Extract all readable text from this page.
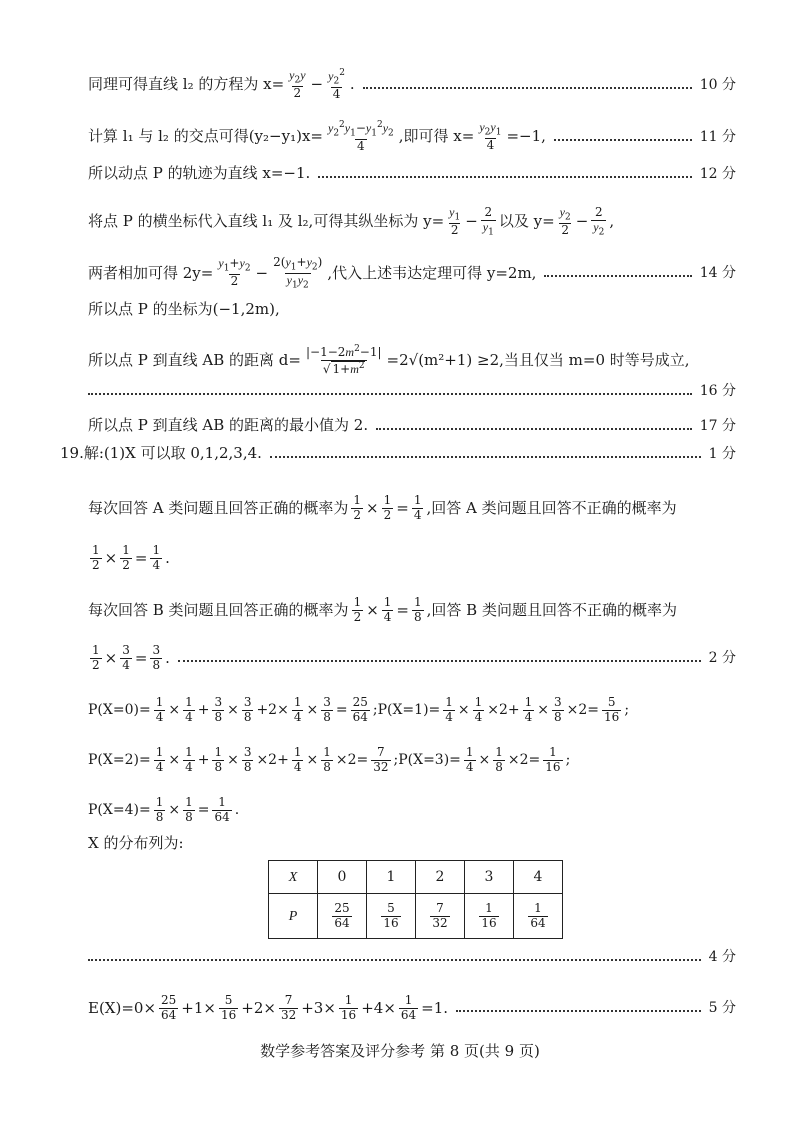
同理可得直线 l₂ 的方程为 $x= \frac{y_2y}{2} - \frac{y_2^2}{4}$ .	10 分
计算 l₁ 与 l₂ 的交点可得$(y_2-y_1)x= \frac{y_2^2y_1-y_1^2y_2}{4}$ ,即可得 $x= \frac{y_2y_1}{4} =-1$,	11 分
所以动点 P 的轨迹为直线 x=−1.	12 分
将点 P 的横坐标代入直线 l₁ 及 l₂,可得其纵坐标为 $y= \frac{y_1}{2} - \frac{2}{y_1}$ 以及 $y= \frac{y_2}{2} - \frac{2}{y_2}$ ,
两者相加可得 $2y= \frac{y_1+y_2}{2} - \frac{2(y_1+y_2)}{y_1y_2}$ ,代入上述韦达定理可得 y=2m,	14 分
所以点 P 的坐标为(−1,2m),
所以点 P 到直线 AB 的距离 $d= \frac{|-1-2m^2-1|}{√ 1+m^2} =2√(m^2+1) \ge 2$,当且仅当 m=0 时等号成立,
16 分
所以点 P 到直线 AB 的距离的最小值为 2.	17 分
19.解:(1)X 可以取 0,1,2,3,4.	1 分
每次回答 A 类问题且回答正确的概率为 $\frac{1}{2} \times \frac{1}{2} = \frac{1}{4}$ ,回答 A 类问题且回答不正确的概率为
$\frac{1}{2} \times \frac{1}{2} = \frac{1}{4}$ .
每次回答 B 类问题且回答正确的概率为 $\frac{1}{2} \times \frac{1}{4} = \frac{1}{8}$ ,回答 B 类问题且回答不正确的概率为
$\frac{1}{2} \times \frac{3}{4} = \frac{3}{8}$ .	2 分
$P(X=0)= \frac{1}{4} \times \frac{1}{4} + \frac{3}{8} \times \frac{3}{8} +2\times \frac{1}{4} \times \frac{3}{8} = \frac{25}{64}$ ;P(X=1)= $\frac{1}{4} \times \frac{1}{4} \times 2+ \frac{1}{4} \times \frac{3}{8} \times 2= \frac{5}{16}$ ;
$P(X=2)= \frac{1}{4} \times \frac{1}{4} + \frac{1}{8} \times \frac{3}{8} \times 2+ \frac{1}{4} \times \frac{1}{8} \times 2= \frac{7}{32}$ ;P(X=3)= $\frac{1}{4} \times \frac{1}{8} \times 2= \frac{1}{16}$ ;
$P(X=4)= \frac{1}{8} \times \frac{1}{8} = \frac{1}{64}$ .
X 的分布列为:
X	0	1	2	3	4
P	$\frac{25}{64}$	$\frac{5}{16}$	$\frac{7}{32}$	$\frac{1}{16}$	$\frac{1}{64}$
4 分
$E(X)=0\times \frac{25}{64} +1\times \frac{5}{16} +2\times \frac{7}{32} +3\times \frac{1}{16} +4\times \frac{1}{64} =1$.	5 分
数学参考答案及评分参考 第 8 页(共 9 页)
